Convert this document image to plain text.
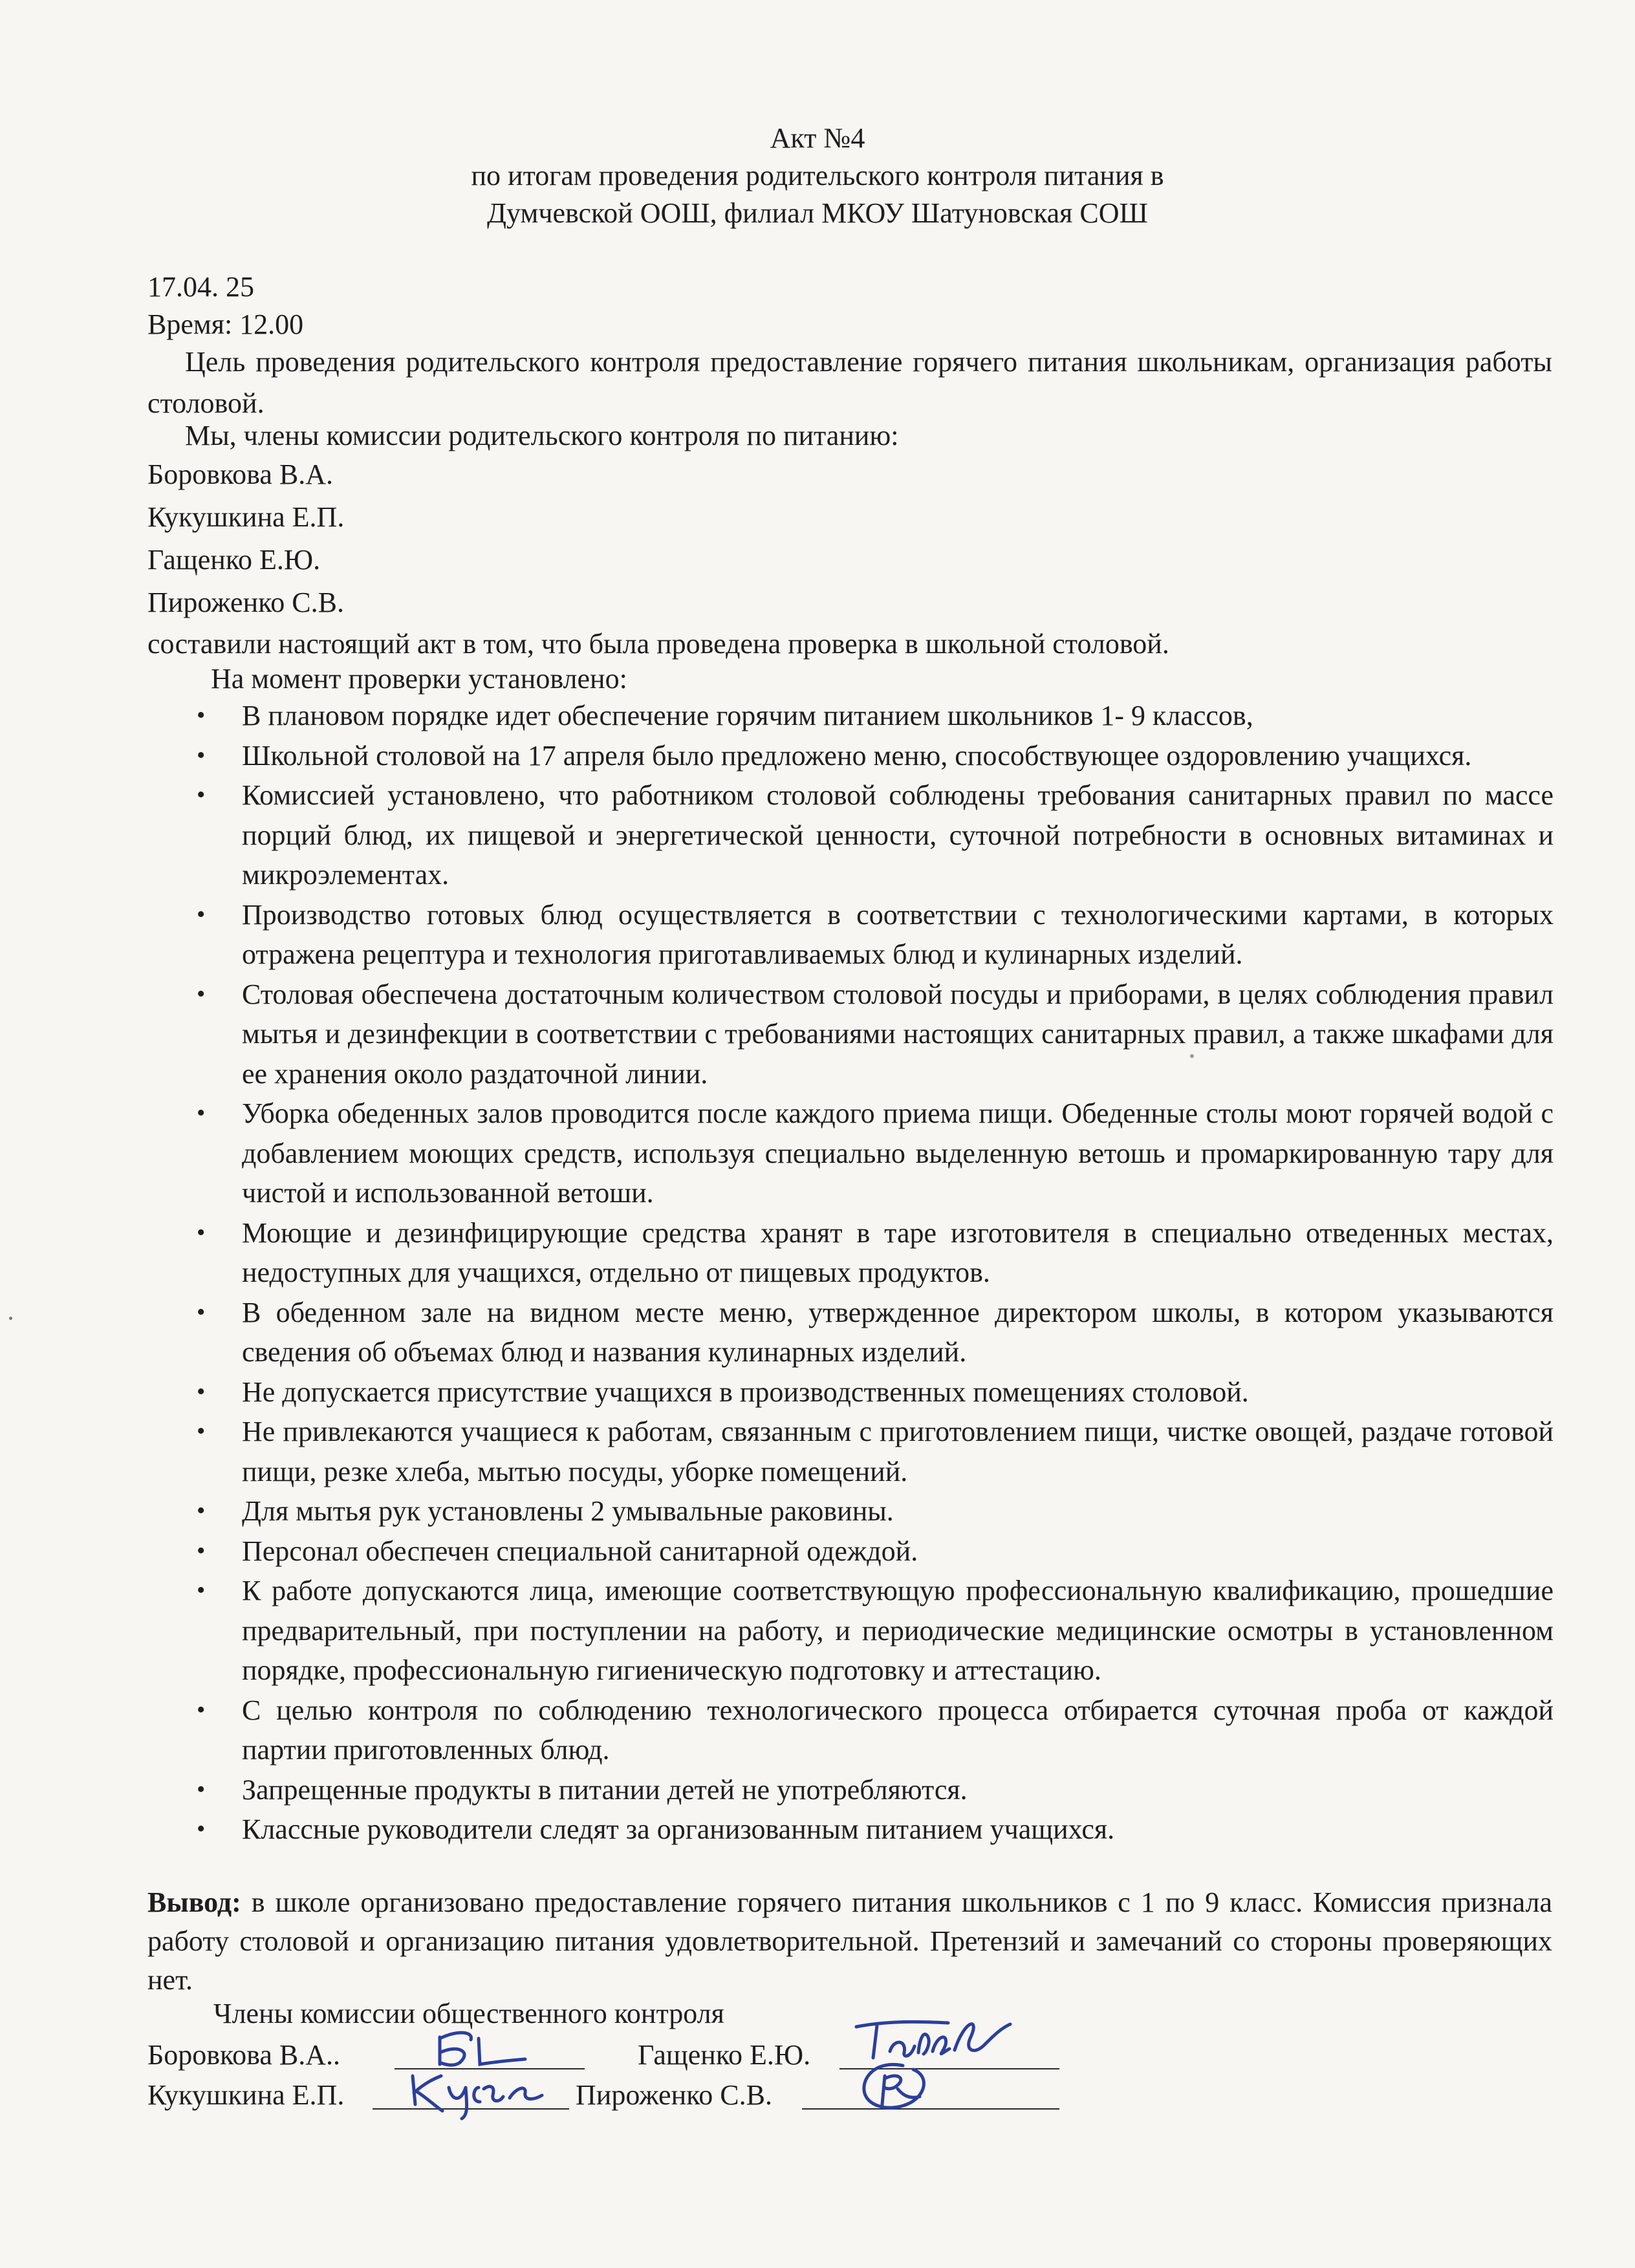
Акт №4

по итогам проведения родительского контроля питания в

Думчевской ООШ, филиал МКОУ Шатуновская СОШ

17.04. 25

Время: 12.00

Цель проведения родительского контроля предоставление горячего питания школьникам, организация работы столовой.

Мы, члены комиссии родительского контроля по питанию:

Боровкова В.А.

Кукушкина Е.П.

Гащенко Е.Ю.

Пироженко С.В.

составили настоящий акт в том, что была проведена проверка в школьной столовой.

На момент проверки установлено:

• В плановом порядке идет обеспечение горячим питанием школьников 1- 9 классов,
• Школьной столовой на 17 апреля было предложено меню, способствующее оздоровлению учащихся.
• Комиссией установлено, что работником столовой соблюдены требования санитарных правил по массе порций блюд, их пищевой и энергетической ценности, суточной потребности в основных витаминах и микроэлементах.
• Производство готовых блюд осуществляется в соответствии с технологическими картами, в которых отражена рецептура и технология приготавливаемых блюд и кулинарных изделий.
• Столовая обеспечена достаточным количеством столовой посуды и приборами, в целях соблюдения правил мытья и дезинфекции в соответствии с требованиями настоящих санитарных правил, а также шкафами для ее хранения около раздаточной линии.
• Уборка обеденных залов проводится после каждого приема пищи. Обеденные столы моют горячей водой с добавлением моющих средств, используя специально выделенную ветошь и промаркированную тару для чистой и использованной ветоши.
• Моющие и дезинфицирующие средства хранят в таре изготовителя в специально отведенных местах, недоступных для учащихся, отдельно от пищевых продуктов.
• В обеденном зале на видном месте меню, утвержденное директором школы, в котором указываются сведения об объемах блюд и названия кулинарных изделий.
• Не допускается присутствие учащихся в производственных помещениях столовой.
• Не привлекаются учащиеся к работам, связанным с приготовлением пищи, чистке овощей, раздаче готовой пищи, резке хлеба, мытью посуды, уборке помещений.
• Для мытья рук установлены 2 умывальные раковины.
• Персонал обеспечен специальной санитарной одеждой.
• К работе допускаются лица, имеющие соответствующую профессиональную квалификацию, прошедшие предварительный, при поступлении на работу, и периодические медицинские осмотры в установленном порядке, профессиональную гигиеническую подготовку и аттестацию.
• С целью контроля по соблюдению технологического процесса отбирается суточная проба от каждой партии приготовленных блюд.
• Запрещенные продукты в питании детей не употребляются.
• Классные руководители следят за организованным питанием учащихся.

Вывод: в школе организовано предоставление горячего питания школьников с 1 по 9 класс. Комиссия признала работу столовой и организацию питания удовлетворительной. Претензий и замечаний со стороны проверяющих нет.

Члены комиссии общественного контроля

Боровкова В.А..	Гащенко Е.Ю.

Кукушкина Е.П.	Пироженко С.В.
